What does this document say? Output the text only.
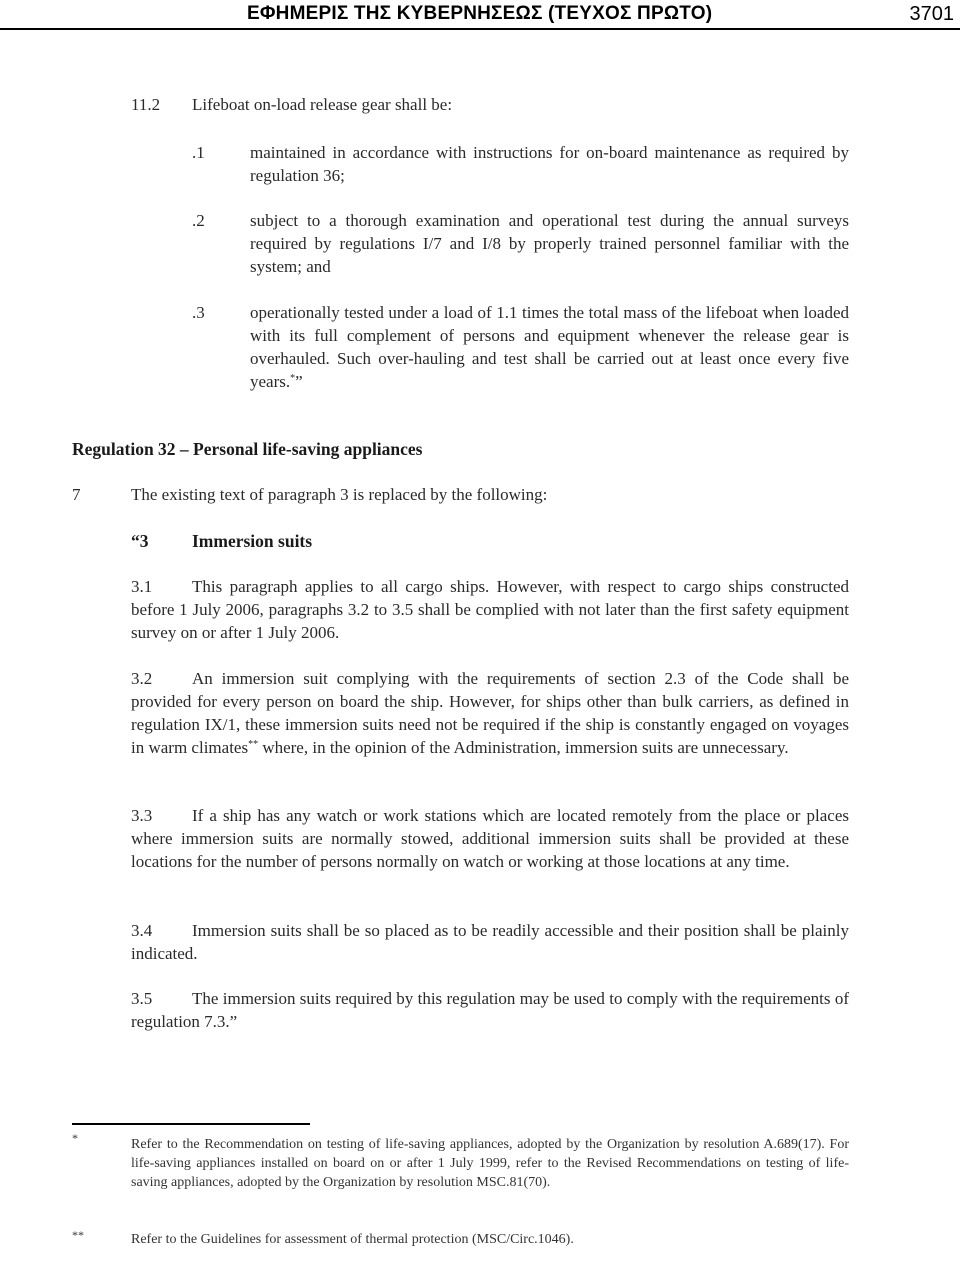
ΕΦΗΜΕΡΙΣ ΤΗΣ ΚΥΒΕΡΝΗΣΕΩΣ (ΤΕΥΧΟΣ ΠΡΩΤΟ)	3701
11.2 Lifeboat on-load release gear shall be:
.1	maintained in accordance with instructions for on-board maintenance as required by regulation 36;
.2	subject to a thorough examination and operational test during the annual surveys required by regulations I/7 and I/8 by properly trained personnel familiar with the system; and
.3	operationally tested under a load of 1.1 times the total mass of the lifeboat when loaded with its full complement of persons and equipment whenever the release gear is overhauled. Such over-hauling and test shall be carried out at least once every five years.*”
Regulation 32 – Personal life-saving appliances
7	The existing text of paragraph 3 is replaced by the following:
“3 Immersion suits
3.1 This paragraph applies to all cargo ships. However, with respect to cargo ships constructed before 1 July 2006, paragraphs 3.2 to 3.5 shall be complied with not later than the first safety equipment survey on or after 1 July 2006.
3.2 An immersion suit complying with the requirements of section 2.3 of the Code shall be provided for every person on board the ship. However, for ships other than bulk carriers, as defined in regulation IX/1, these immersion suits need not be required if the ship is constantly engaged on voyages in warm climates** where, in the opinion of the Administration, immersion suits are unnecessary.
3.3 If a ship has any watch or work stations which are located remotely from the place or places where immersion suits are normally stowed, additional immersion suits shall be provided at these locations for the number of persons normally on watch or working at those locations at any time.
3.4 Immersion suits shall be so placed as to be readily accessible and their position shall be plainly indicated.
3.5 The immersion suits required by this regulation may be used to comply with the requirements of regulation 7.3.”
*	Refer to the Recommendation on testing of life-saving appliances, adopted by the Organization by resolution A.689(17). For life-saving appliances installed on board on or after 1 July 1999, refer to the Revised Recommendations on testing of life-saving appliances, adopted by the Organization by resolution MSC.81(70).
**	Refer to the Guidelines for assessment of thermal protection (MSC/Circ.1046).
